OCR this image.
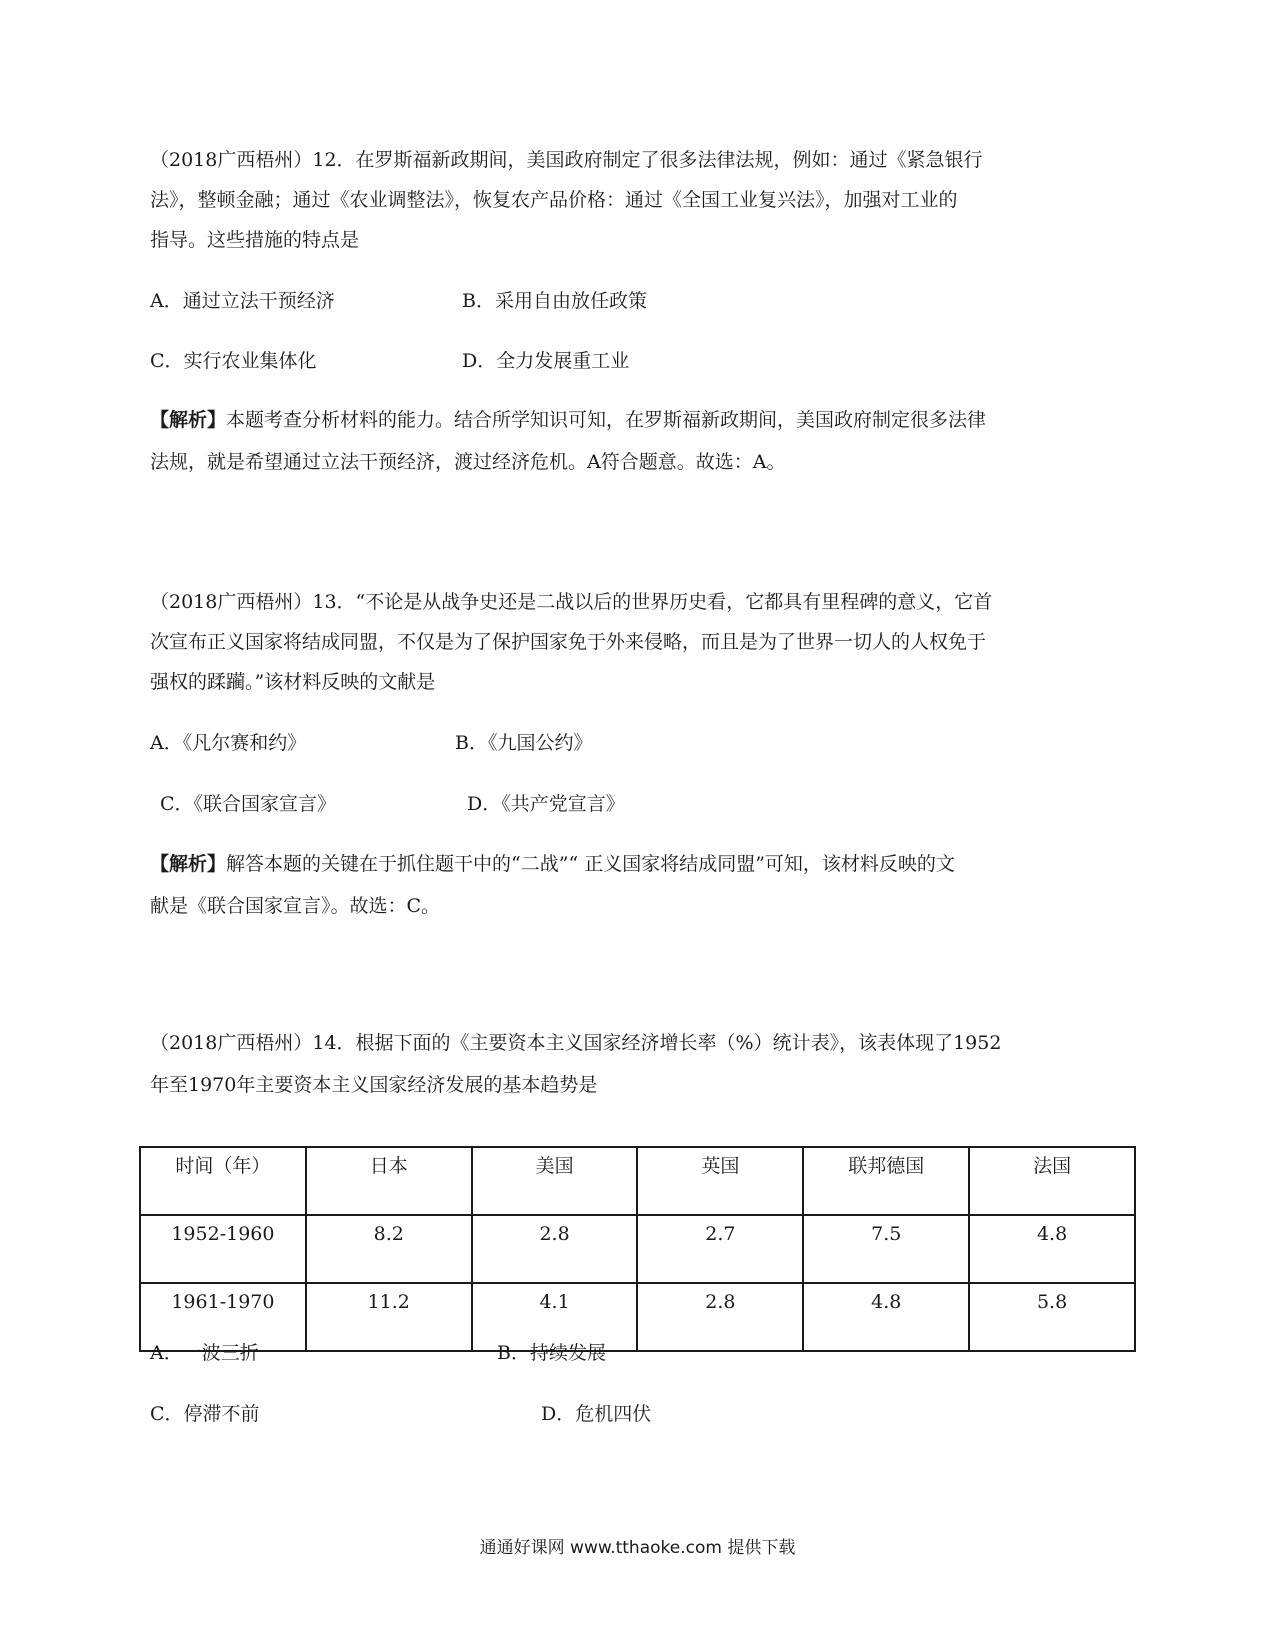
（2018广西梧州）12．在罗斯福新政期间，美国政府制定了很多法律法规，例如：通过《紧急银行
法》，整顿金融；通过《农业调整法》，恢复农产品价格：通过《全国工业复兴法》，加强对工业的
指导。这些措施的特点是
A．通过立法干预经济	B．采用自由放任政策
C．实行农业集体化	D．全力发展重工业
【解析】本题考查分析材料的能力。结合所学知识可知，在罗斯福新政期间，美国政府制定很多法律
法规，就是希望通过立法干预经济，渡过经济危机。A符合题意。故选：A。
（2018广西梧州）13．“不论是从战争史还是二战以后的世界历史看，它都具有里程碑的意义，它首
次宣布正义国家将结成同盟，不仅是为了保护国家免于外来侵略，而且是为了世界一切人的人权免于
强权的蹂躏。”该材料反映的文献是
A．《凡尔赛和约》	B．《九国公约》
C．《联合国家宣言》	D．《共产党宣言》
【解析】解答本题的关键在于抓住题干中的“二战”“ 正义国家将结成同盟”可知，该材料反映的文
献是《联合国家宣言》。故选：C。
（2018广西梧州）14．根据下面的《主要资本主义国家经济增长率（%）统计表》，该表体现了1952
年至1970年主要资本主义国家经济发展的基本趋势是
时间（年）	日本	美国	英国	联邦德国	法国
1952-1960	8.2	2.8	2.7	7.5	4.8
1961-1970	11.2	4.1	2.8	4.8	5.8
A．一波三折	B．持续发展
C．停滞不前	D．危机四伏
通通好课网 www.tthaoke.com 提供下载
